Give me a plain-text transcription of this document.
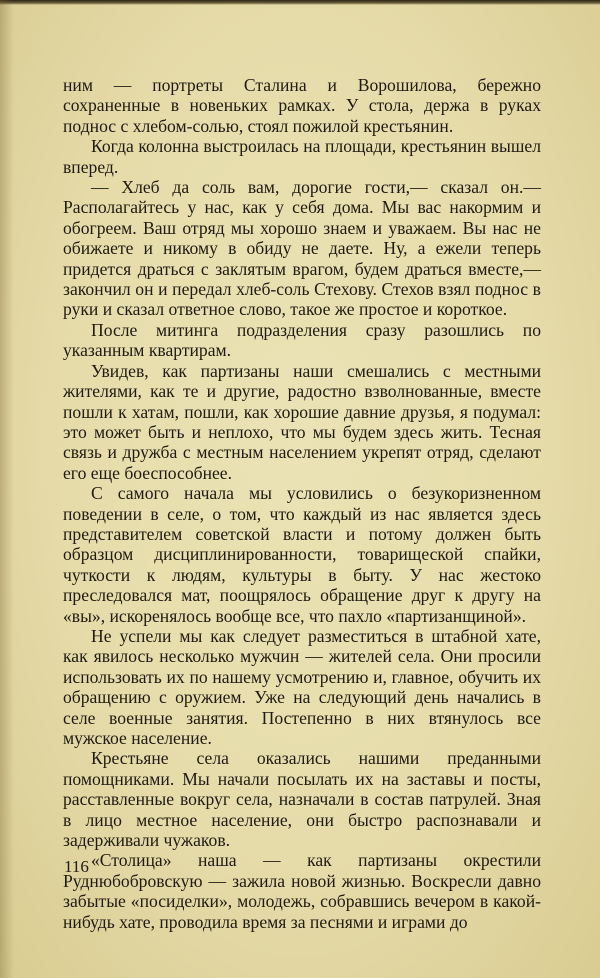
ним — портреты Сталина и Ворошилова, бережно сохраненные в новеньких рамках. У стола, держа в руках поднос с хлебом-солью, стоял пожилой крестьянин.

Когда колонна выстроилась на площади, крестьянин вышел вперед.

— Хлеб да соль вам, дорогие гости,— сказал он.— Располагайтесь у нас, как у себя дома. Мы вас накормим и обогреем. Ваш отряд мы хорошо знаем и уважаем. Вы нас не обижаете и никому в обиду не даете. Ну, а ежели теперь придется драться с заклятым врагом, будем драться вместе,— закончил он и передал хлеб-соль Стехову. Стехов взял поднос в руки и сказал ответное слово, такое же простое и короткое.

После митинга подразделения сразу разошлись по указанным квартирам.

Увидев, как партизаны наши смешались с местными жителями, как те и другие, радостно взволнованные, вместе пошли к хатам, пошли, как хорошие давние друзья, я подумал: это может быть и неплохо, что мы будем здесь жить. Тесная связь и дружба с местным населением укрепят отряд, сделают его еще боеспособнее.

С самого начала мы условились о безукоризненном поведении в селе, о том, что каждый из нас является здесь представителем советской власти и потому должен быть образцом дисциплинированности, товарищеской спайки, чуткости к людям, культуры в быту. У нас жестоко преследовался мат, поощрялось обращение друг к другу на «вы», искоренялось вообще все, что пахло «партизанщиной».

Не успели мы как следует разместиться в штабной хате, как явилось несколько мужчин — жителей села. Они просили использовать их по нашему усмотрению и, главное, обучить их обращению с оружием. Уже на следующий день начались в селе военные занятия. Постепенно в них втянулось все мужское население.

Крестьяне села оказались нашими преданными помощниками. Мы начали посылать их на заставы и посты, расставленные вокруг села, назначали в состав патрулей. Зная в лицо местное население, они быстро распознавали и задерживали чужаков.

«Столица» наша — как партизаны окрестили Руднюбобровскую — зажила новой жизнью. Воскресли давно забытые «посиделки», молодежь, собравшись вечером в какой-нибудь хате, проводила время за песнями и играми до

116
